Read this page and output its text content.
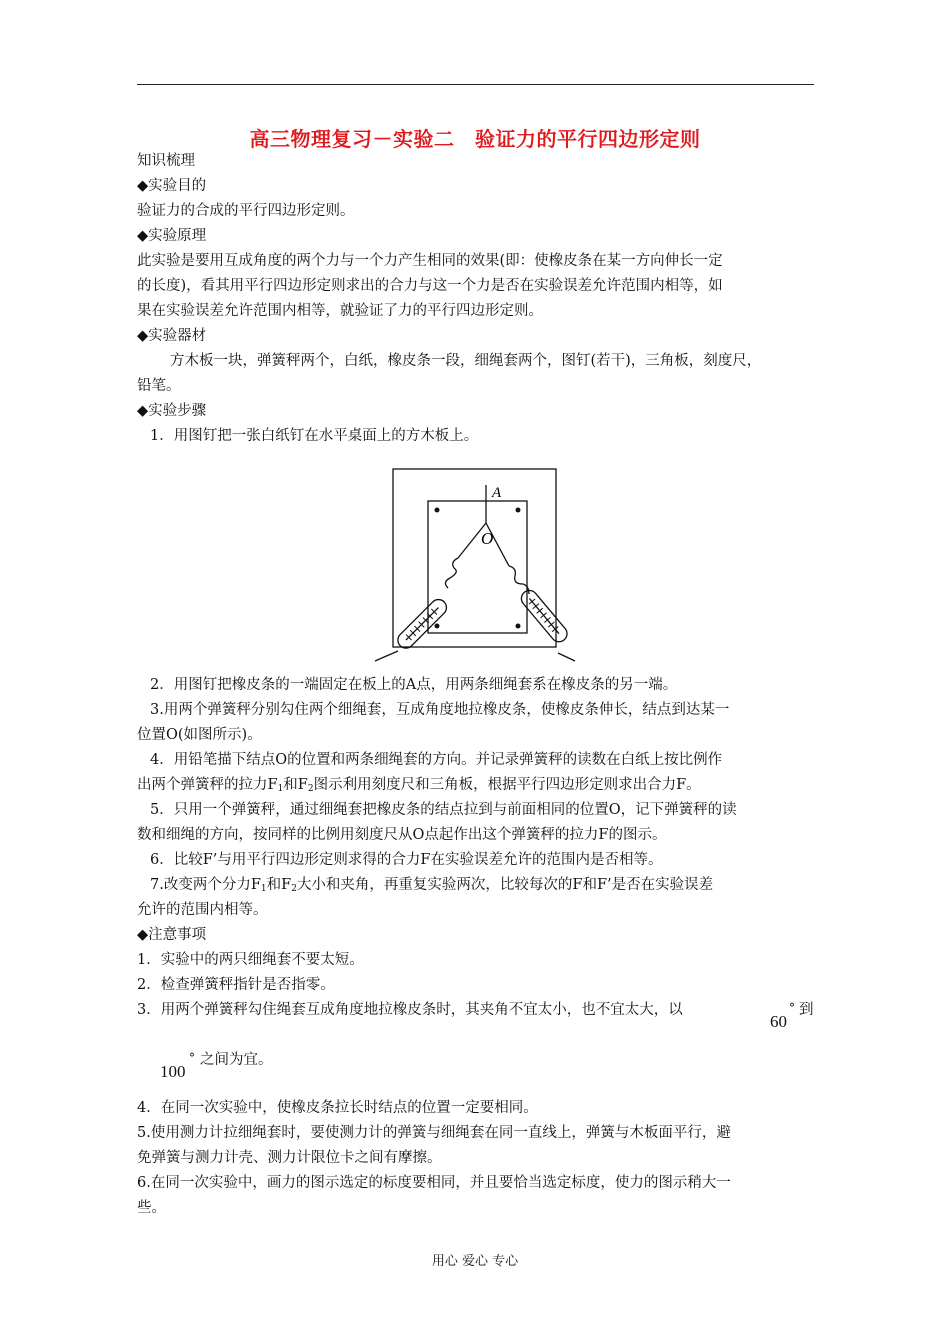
高三物理复习－实验二　验证力的平行四边形定则
知识梳理
◆实验目的
验证力的合成的平行四边形定则。
◆实验原理
此实验是要用互成角度的两个力与一个力产生相同的效果(即：使橡皮条在某一方向伸长一定
的长度)，看其用平行四边形定则求出的合力与这一个力是否在实验误差允许范围内相等，如
果在实验误差允许范围内相等，就验证了力的平行四边形定则。
◆实验器材
方木板一块，弹簧秤两个，白纸，橡皮条一段，细绳套两个，图钉(若干)，三角板，刻度尺，
铅笔。
◆实验步骤
1．用图钉把一张白纸钉在水平桌面上的方木板上。
A
O
2．用图钉把橡皮条的一端固定在板上的A点，用两条细绳套系在橡皮条的另一端。
3.用两个弹簧秤分别勾住两个细绳套，互成角度地拉橡皮条，使橡皮条伸长，结点到达某一
位置O(如图所示)。
4．用铅笔描下结点O的位置和两条细绳套的方向。并记录弹簧秤的读数在白纸上按比例作
出两个弹簧秤的拉力$F_1$和$F_2$图示利用刻度尺和三角板，根据平行四边形定则求出合力F。
5．只用一个弹簧秤，通过细绳套把橡皮条的结点拉到与前面相同的位置O，记下弹簧秤的读
数和细绳的方向，按同样的比例用刻度尺从O点起作出这个弹簧秤的拉力F的图示。
6．比较F’与用平行四边形定则求得的合力F在实验误差允许的范围内是否相等。
7.改变两个分力$F_1$和$F_2$大小和夹角，再重复实验两次，比较每次的F和F’是否在实验误差
允许的范围内相等。
◆注意事项
1．实验中的两只细绳套不要太短。
2．检查弹簧秤指针是否指零。
3．用两个弹簧秤勾住绳套互成角度地拉橡皮条时，其夹角不宜太小，也不宜太大，以
60
° 到
100
° 之间为宜。
4．在同一次实验中，使橡皮条拉长时结点的位置一定要相同。
5.使用测力计拉细绳套时，要使测力计的弹簧与细绳套在同一直线上，弹簧与木板面平行，避
免弹簧与测力计壳、测力计限位卡之间有摩擦。
6.在同一次实验中，画力的图示选定的标度要相同，并且要恰当选定标度，使力的图示稍大一
些。
用心 爱心 专心
